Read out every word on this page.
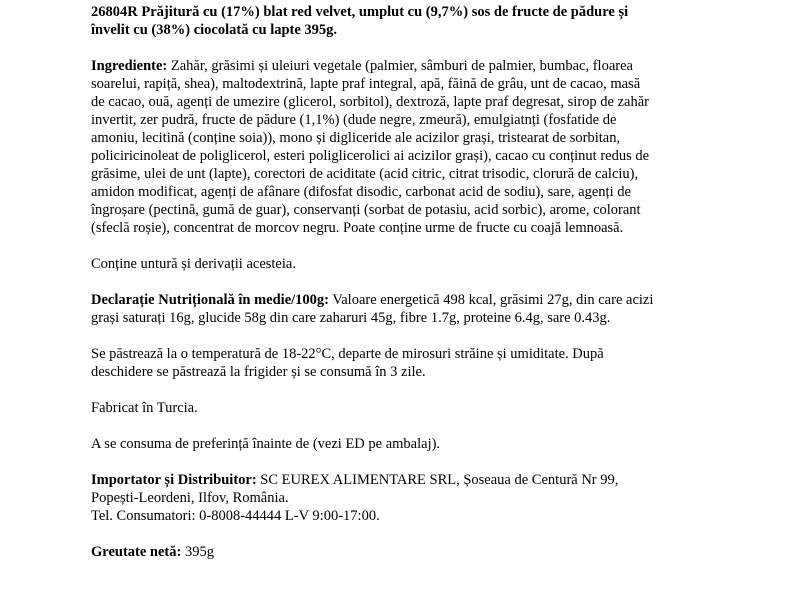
26804R Prăjitură cu (17%) blat red velvet, umplut cu (9,7%) sos de fructe de pădure și
învelit cu (38%) ciocolată cu lapte 395g.
Ingrediente: Zahăr, grăsimi și uleiuri vegetale (palmier, sâmburi de palmier, bumbac, floarea
soarelui, rapiță, shea), maltodextrină, lapte praf integral, apă, făină de grâu, unt de cacao, masă
de cacao, ouă, agenți de umezire (glicerol, sorbitol), dextroză, lapte praf degresat, sirop de zahăr
invertit, zer pudră, fructe de pădure (1,1%) (dude negre, zmeură), emulgiatnți (fosfatide de
amoniu, lecitină (conține soia)), mono și digliceride ale acizilor grași, tristearat de sorbitan,
policiricinoleat de poliglicerol, esteri poliglicerolici ai acizilor grași), cacao cu conținut redus de
grăsime, ulei de unt (lapte), corectori de aciditate (acid citric, citrat trisodic, clorură de calciu),
amidon modificat, agenți de afânare (difosfat disodic, carbonat acid de sodiu), sare, agenți de
îngroșare (pectină, gumă de guar), conservanți (sorbat de potasiu, acid sorbic), arome, colorant
(sfeclă roșie), concentrat de morcov negru. Poate conține urme de fructe cu coajă lemnoasă.
Conține untură și derivații acesteia.
Declarație Nutrițională în medie/100g: Valoare energetică 498 kcal, grăsimi 27g, din care acizi
grași saturați 16g, glucide 58g din care zaharuri 45g, fibre 1.7g, proteine 6.4g, sare 0.43g.
Se păstrează la o temperatură de 18-22°C, departe de mirosuri străine și umiditate. După
deschidere se păstrează la frigider și se consumă în 3 zile.
Fabricat în Turcia.
A se consuma de preferință înainte de (vezi ED pe ambalaj).
Importator și Distribuitor: SC EUREX ALIMENTARE SRL, Șoseaua de Centură Nr 99,
Popești-Leordeni, Ilfov, România.
Tel. Consumatori: 0-8008-44444 L-V 9:00-17:00.
Greutate netă: 395g
